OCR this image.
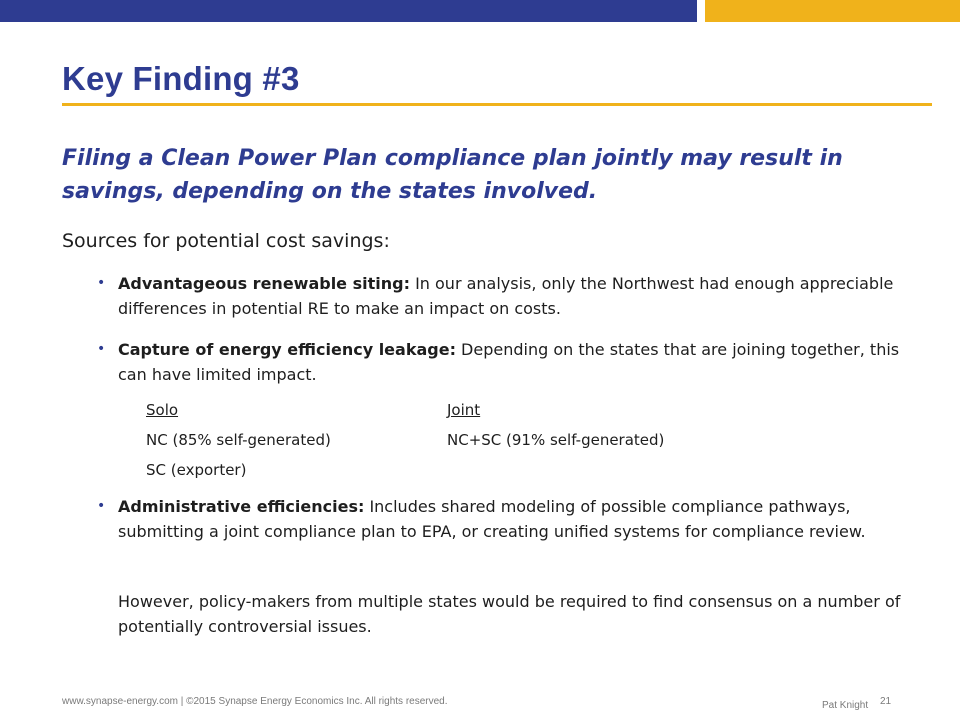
Key Finding #3

Filing a Clean Power Plan compliance plan jointly may result in savings, depending on the states involved.

Sources for potential cost savings:

• Advantageous renewable siting: In our analysis, only the Northwest had enough appreciable differences in potential RE to make an impact on costs.

• Capture of energy efficiency leakage: Depending on the states that are joining together, this can have limited impact.

Solo	Joint
NC (85% self-generated)	NC+SC (91% self-generated)
SC (exporter)

• Administrative efficiencies: Includes shared modeling of possible compliance pathways, submitting a joint compliance plan to EPA, or creating unified systems for compliance review.

However, policy-makers from multiple states would be required to find consensus on a number of potentially controversial issues.

www.synapse-energy.com | ©2015 Synapse Energy Economics Inc. All rights reserved.	Pat Knight 21
